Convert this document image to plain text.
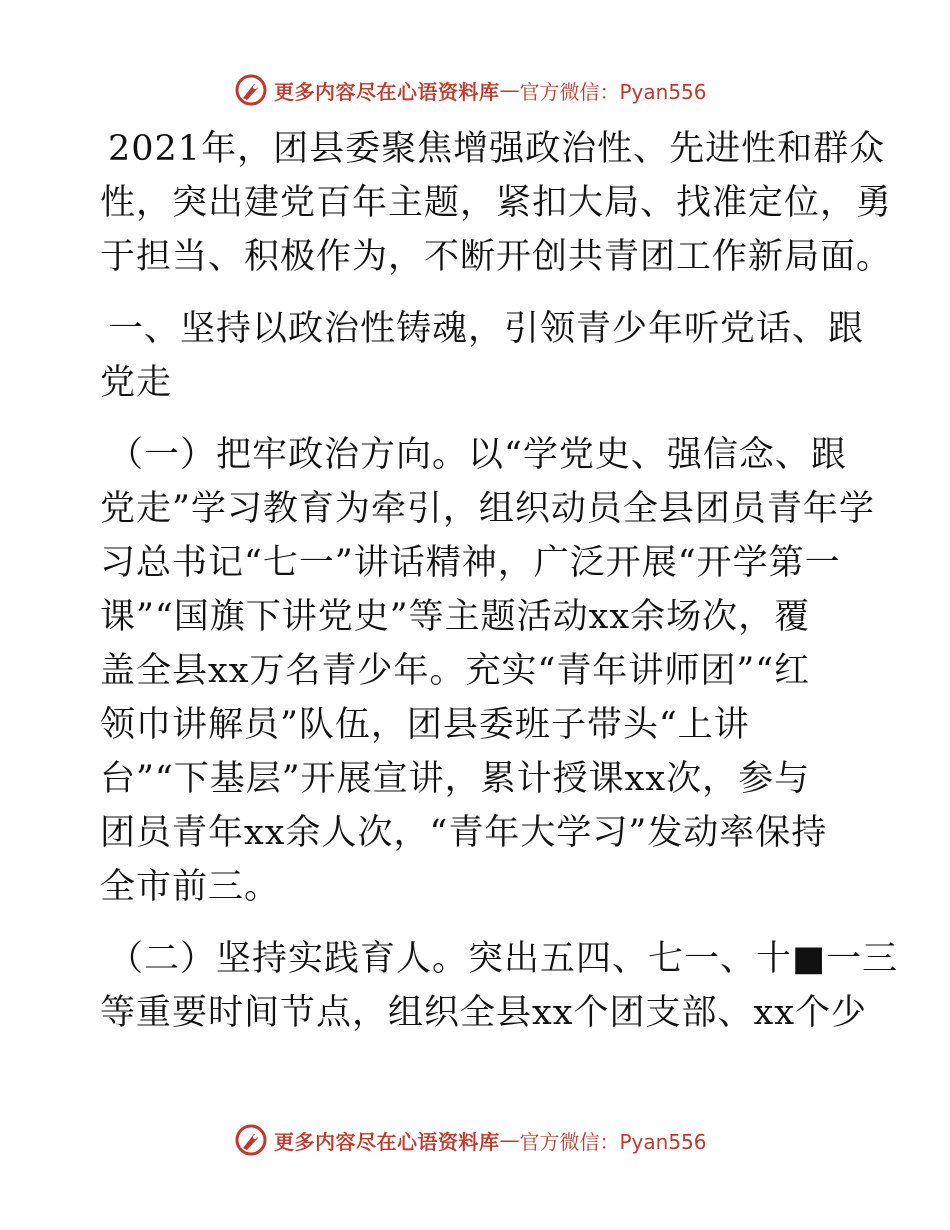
更多内容尽在心语资料库 — 官方微信：Pyan556
2021年，团县委聚焦增强政治性、先进性和群众
性，突出建党百年主题，紧扣大局、找准定位，勇
于担当、积极作为，不断开创共青团工作新局面。
一、坚持以政治性铸魂，引领青少年听党话、跟
党走
（一）把牢政治方向。以“学党史、强信念、跟
党走”学习教育为牵引，组织动员全县团员青年学
习总书记“七一”讲话精神，广泛开展“开学第一
课”“国旗下讲党史”等主题活动xx余场次，覆
盖全县xx万名青少年。充实“青年讲师团”“红
领巾讲解员”队伍，团县委班子带头“上讲
台”“下基层”开展宣讲，累计授课xx次，参与
团员青年xx余人次，“青年大学习”发动率保持
全市前三。
（二）坚持实践育人。突出五四、七一、十■一三
等重要时间节点，组织全县xx个团支部、xx个少
更多内容尽在心语资料库 — 官方微信：Pyan556
